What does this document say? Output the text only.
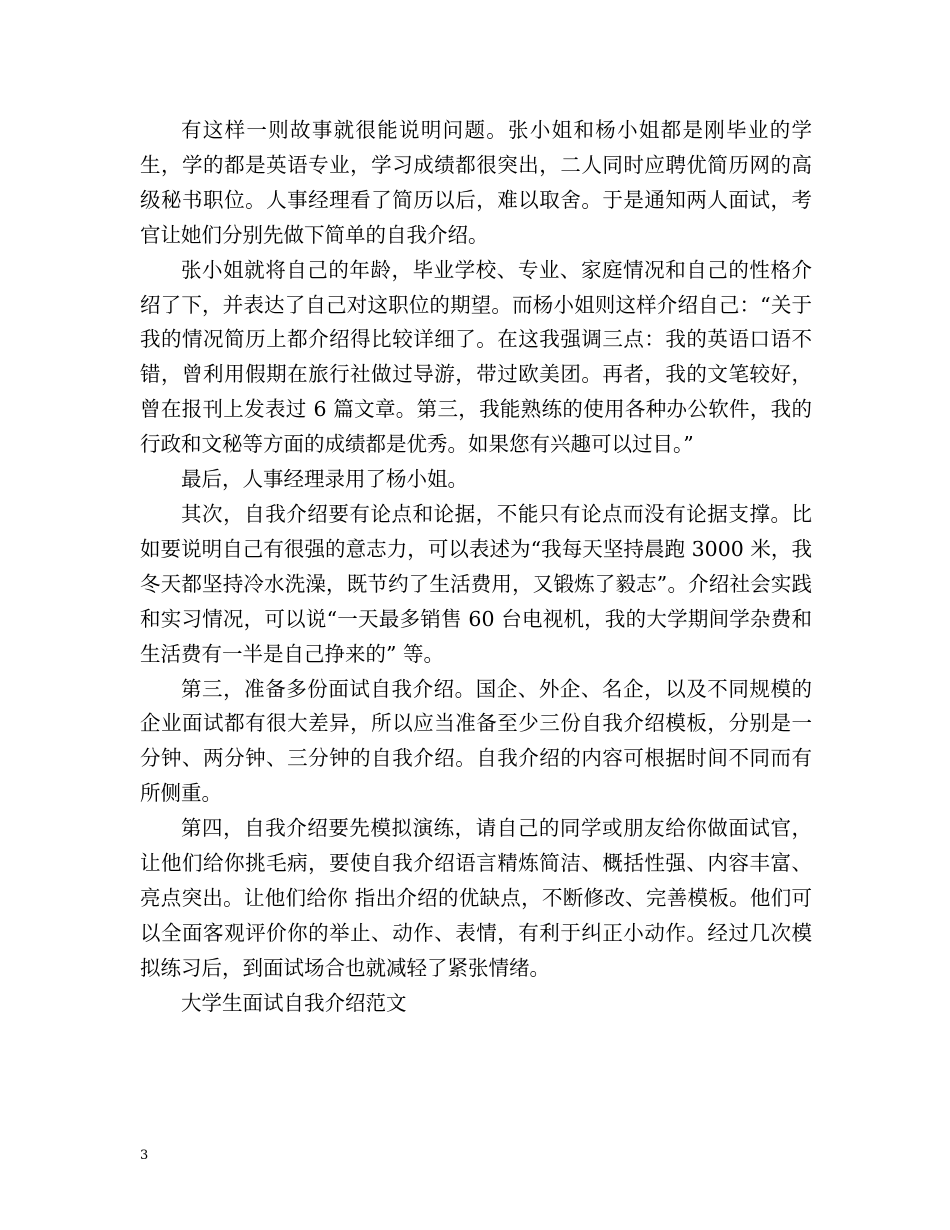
有这样一则故事就很能说明问题。张小姐和杨小姐都是刚毕业的学生，学的都是英语专业，学习成绩都很突出，二人同时应聘优简历网的高级秘书职位。人事经理看了简历以后，难以取舍。于是通知两人面试，考官让她们分别先做下简单的自我介绍。

张小姐就将自己的年龄，毕业学校、专业、家庭情况和自己的性格介绍了下，并表达了自己对这职位的期望。而杨小姐则这样介绍自己：“关于我的情况简历上都介绍得比较详细了。在这我强调三点：我的英语口语不错，曾利用假期在旅行社做过导游，带过欧美团。再者，我的文笔较好，曾在报刊上发表过 6 篇文章。第三，我能熟练的使用各种办公软件，我的行政和文秘等方面的成绩都是优秀。如果您有兴趣可以过目。”

最后，人事经理录用了杨小姐。

其次，自我介绍要有论点和论据，不能只有论点而没有论据支撑。比如要说明自己有很强的意志力，可以表述为“我每天坚持晨跑 3000 米，我冬天都坚持冷水洗澡，既节约了生活费用，又锻炼了毅志”。介绍社会实践和实习情况，可以说“一天最多销售 60 台电视机，我的大学期间学杂费和生活费有一半是自己挣来的” 等。

第三，准备多份面试自我介绍。国企、外企、名企，以及不同规模的企业面试都有很大差异，所以应当准备至少三份自我介绍模板，分别是一分钟、两分钟、三分钟的自我介绍。自我介绍的内容可根据时间不同而有所侧重。

第四，自我介绍要先模拟演练，请自己的同学或朋友给你做面试官，让他们给你挑毛病，要使自我介绍语言精炼简洁、概括性强、内容丰富、亮点突出。让他们给你 指出介绍的优缺点，不断修改、完善模板。他们可以全面客观评价你的举止、动作、表情，有利于纠正小动作。经过几次模拟练习后，到面试场合也就减轻了紧张情绪。

大学生面试自我介绍范文

3
